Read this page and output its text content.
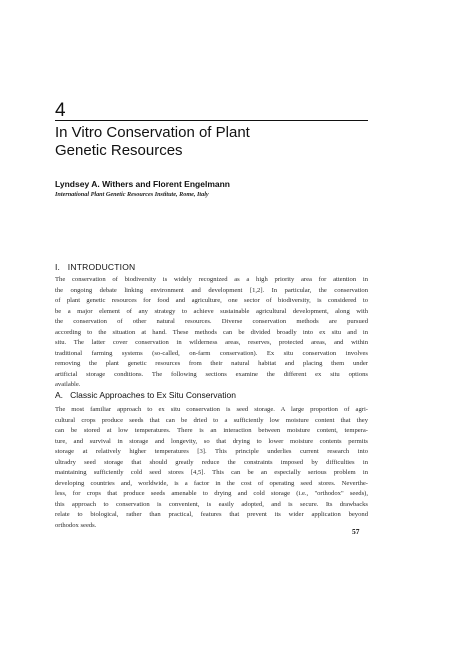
4
In Vitro Conservation of Plant
Genetic Resources
Lyndsey A. Withers and Florent Engelmann
International Plant Genetic Resources Institute, Rome, Italy
I.   INTRODUCTION
The conservation of biodiversity is widely recognized as a high priority area for attention in
the ongoing debate linking environment and development [1,2]. In particular, the conservation
of plant genetic resources for food and agriculture, one sector of biodiversity, is considered to
be a major element of any strategy to achieve sustainable agricultural development, along with
the conservation of other natural resources. Diverse conservation methods are pursued
according to the situation at hand. These methods can be divided broadly into ex situ and in
situ. The latter cover conservation in wilderness areas, reserves, protected areas, and within
traditional farming systems (so-called, on-farm conservation). Ex situ conservation involves
removing the plant genetic resources from their natural habitat and placing them under
artificial storage conditions. The following sections examine the different ex situ options
available.
A.   Classic Approaches to Ex Situ Conservation
The most familiar approach to ex situ conservation is seed storage. A large proportion of agri-
cultural crops produce seeds that can be dried to a sufficiently low moisture content that they
can be stored at low temperatures. There is an interaction between moisture content, tempera-
ture, and survival in storage and longevity, so that drying to lower moisture contents permits
storage at relatively higher temperatures [3]. This principle underlies current research into
ultradry seed storage that should greatly reduce the constraints imposed by difficulties in
maintaining sufficiently cold seed stores [4,5]. This can be an especially serious problem in
developing countries and, worldwide, is a factor in the cost of operating seed stores. Neverthe-
less, for crops that produce seeds amenable to drying and cold storage (i.e., "orthodox" seeds),
this approach to conservation is convenient, is easily adopted, and is secure. Its drawbacks
relate to biological, rather than practical, features that prevent its wider application beyond
orthodox seeds.
57
